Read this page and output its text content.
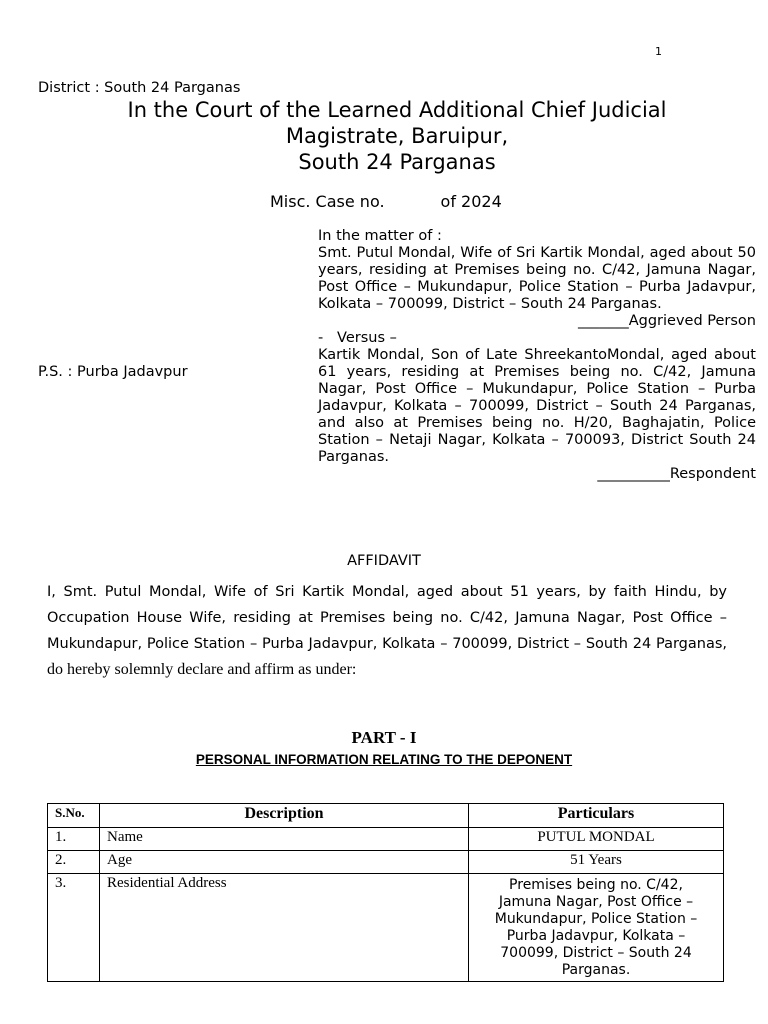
1
District : South 24 Parganas
In the Court of the Learned Additional Chief Judicial
Magistrate, Baruipur,
South 24 Parganas
Misc. Case no.	of 2024

In the matter of :

Smt. Putul Mondal, Wife of Sri Kartik Mondal, aged about 50 years, residing at Premises being no. C/42, Jamuna Nagar, Post Office – Mukundapur, Police Station – Purba Jadavpur, Kolkata – 700099, District – South 24 Parganas.

_______Aggrieved Person

-   Versus –

Kartik Mondal, Son of Late ShreekantoMondal, aged about 61 years, residing at Premises being no. C/42, Jamuna Nagar, Post Office – Mukundapur, Police Station – Purba Jadavpur, Kolkata – 700099, District – South 24 Parganas, and also at Premises being no. H/20, Baghajatin, Police Station – Netaji Nagar, Kolkata – 700093, District South 24 Parganas.

__________Respondent

P.S. : Purba Jadavpur
AFFIDAVIT
I, Smt. Putul Mondal, Wife of Sri Kartik Mondal, aged about 51 years, by faith Hindu, by Occupation House Wife, residing at Premises being no. C/42, Jamuna Nagar, Post Office – Mukundapur, Police Station – Purba Jadavpur, Kolkata – 700099, District – South 24 Parganas, do hereby solemnly declare and affirm as under:
PART - I
PERSONAL INFORMATION RELATING TO THE DEPONENT
S.No.	Description	Particulars
1.	Name	PUTUL MONDAL
2.	Age	51 Years
3.	Residential Address	Premises being no. C/42, Jamuna Nagar, Post Office – Mukundapur, Police Station – Purba Jadavpur, Kolkata – 700099, District – South 24 Parganas.
